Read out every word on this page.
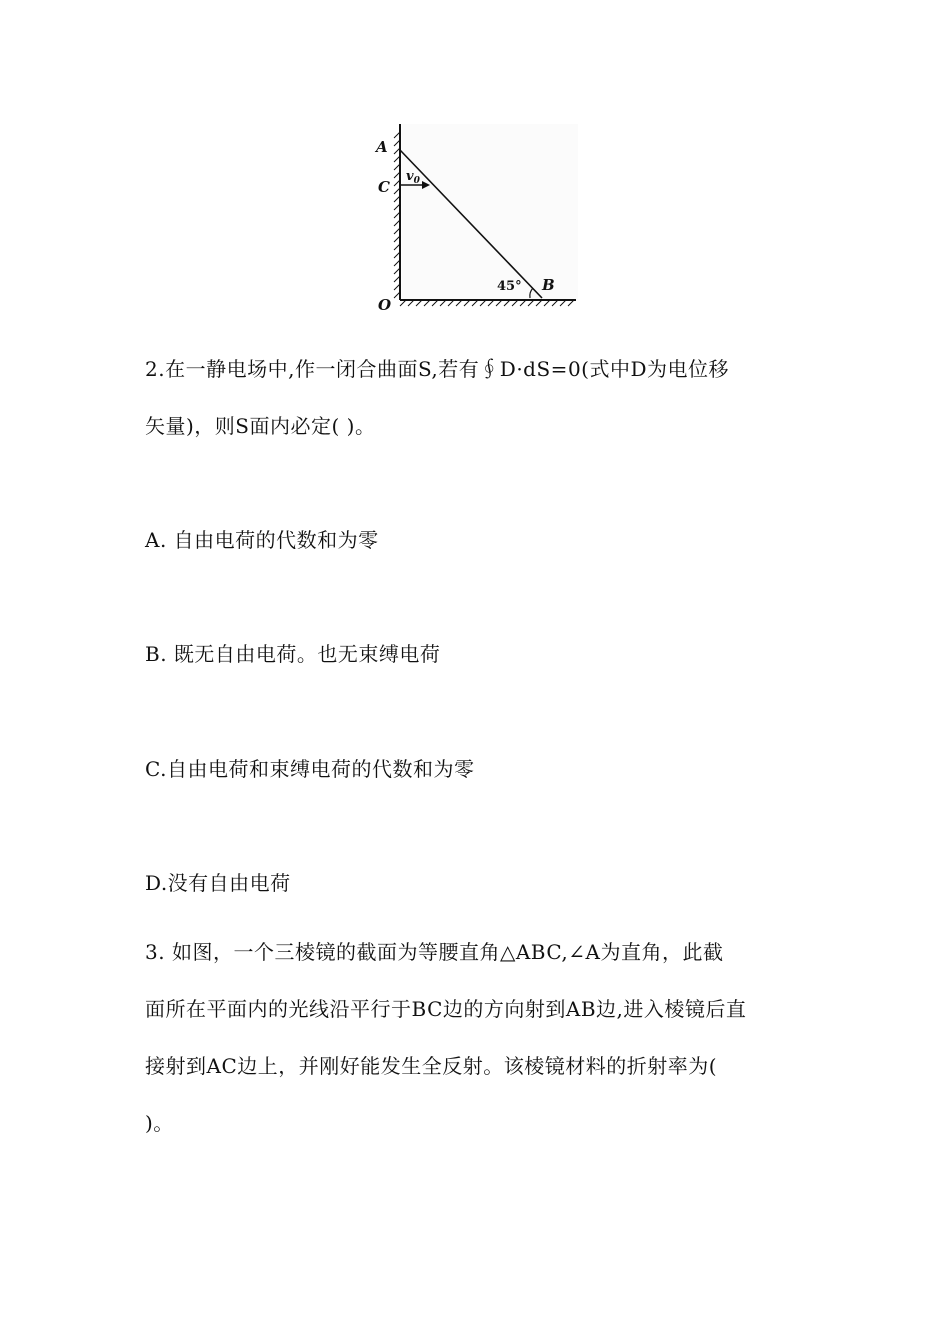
A
C
O
B
$v_0$
45°
2.在一静电场中,作一闭合曲面S,若有∮D·dS=0(式中D为电位移
矢量)，则S面内必定( )。
A. 自由电荷的代数和为零
B. 既无自由电荷。也无束缚电荷
C.自由电荷和束缚电荷的代数和为零
D.没有自由电荷
3. 如图，一个三棱镜的截面为等腰直角△ABC,∠A为直角，此截
面所在平面内的光线沿平行于BC边的方向射到AB边,进入棱镜后直
接射到AC边上，并刚好能发生全反射。该棱镜材料的折射率为(
)。
